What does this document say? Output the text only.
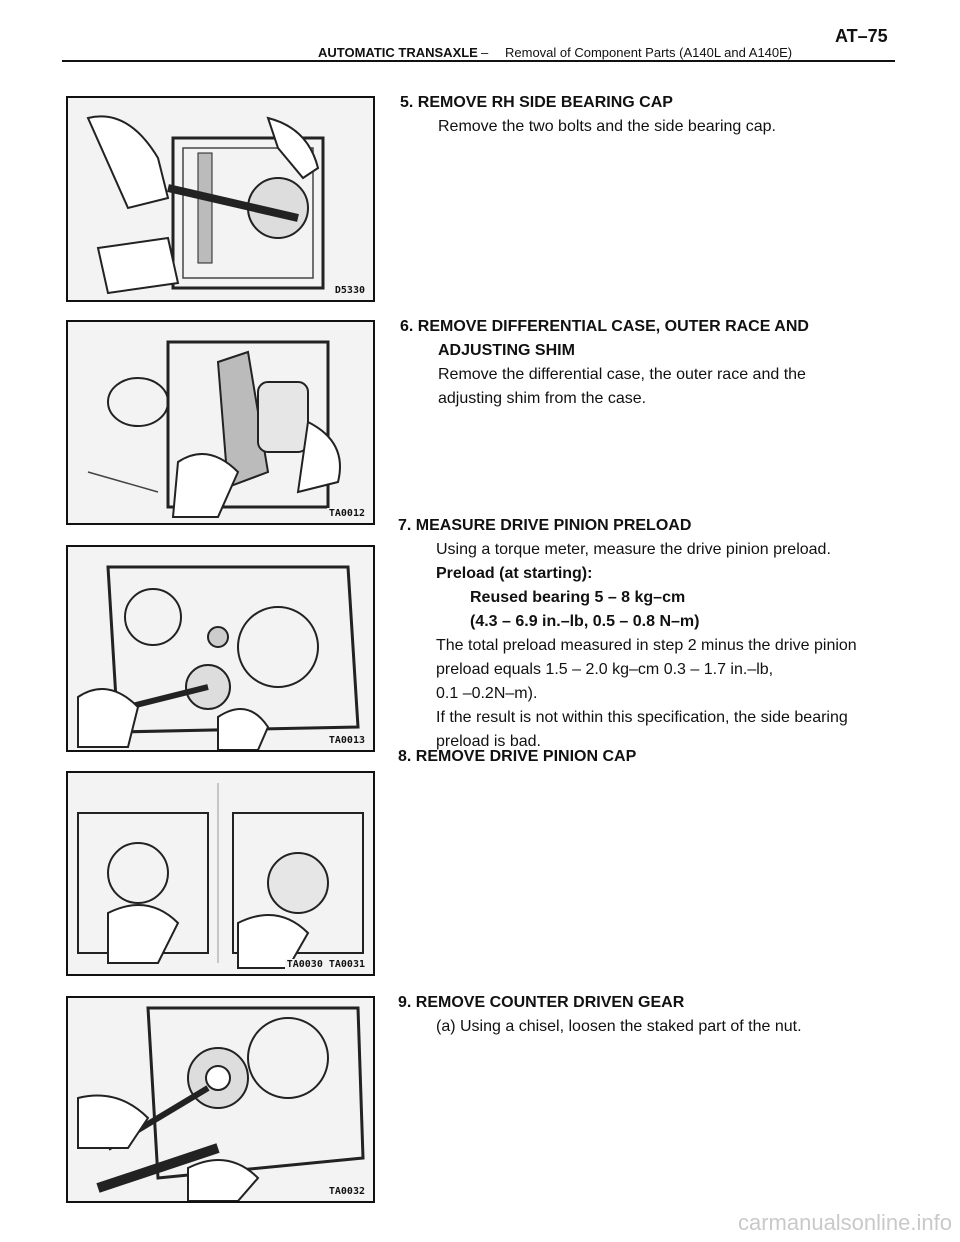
AUTOMATIC TRANSAXLE – Removal of Component Parts (A140L and A140E)
AT–75
D5330
TA0012
TA0013
TA0030 TA0031
TA0032

5. REMOVE RH SIDE BEARING CAP

Remove the two bolts and the side bearing cap.

6. REMOVE DIFFERENTIAL CASE, OUTER RACE AND

ADJUSTING SHIM

Remove the differential case, the outer race and the

adjusting shim from the case.

7. MEASURE DRIVE PINION PRELOAD

Using a torque meter, measure the drive pinion preload.

Preload (at starting):

Reused bearing 5 – 8 kg–cm

(4.3 – 6.9 in.–lb, 0.5 – 0.8 N–m)

The total preload measured in step 2 minus the drive pinion

preload equals 1.5 – 2.0 kg–cm 0.3 – 1.7 in.–lb,

0.1 –0.2N–m).

If the result is not within this specification, the side bearing

preload is bad.

8. REMOVE DRIVE PINION CAP

9. REMOVE COUNTER DRIVEN GEAR

(a) Using a chisel, loosen the staked part of the nut.

carmanualsonline.info
